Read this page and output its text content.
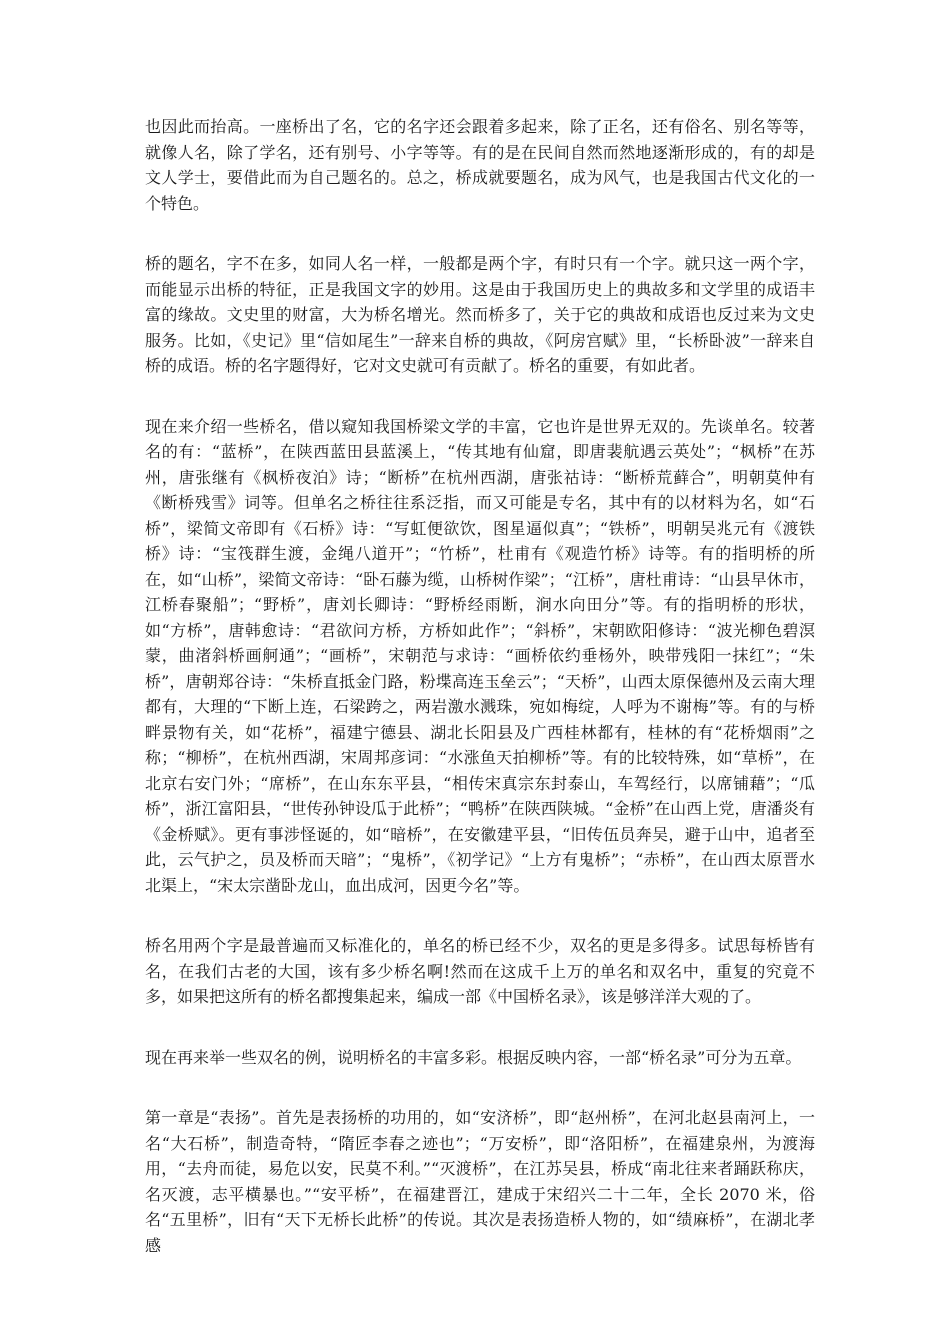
也因此而抬高。一座桥出了名，它的名字还会跟着多起来，除了正名，还有俗名、别名等等，就像人名，除了学名，还有别号、小字等等。有的是在民间自然而然地逐渐形成的，有的却是文人学士，要借此而为自己题名的。总之，桥成就要题名，成为风气，也是我国古代文化的一个特色。

桥的题名，字不在多，如同人名一样，一般都是两个字，有时只有一个字。就只这一两个字，而能显示出桥的特征，正是我国文字的妙用。这是由于我国历史上的典故多和文学里的成语丰富的缘故。文史里的财富，大为桥名增光。然而桥多了，关于它的典故和成语也反过来为文史服务。比如，《史记》里“信如尾生”一辞来自桥的典故，《阿房宫赋》里，“长桥卧波”一辞来自桥的成语。桥的名字题得好，它对文史就可有贡献了。桥名的重要，有如此者。

现在来介绍一些桥名，借以窥知我国桥梁文学的丰富，它也许是世界无双的。先谈单名。较著名的有：“蓝桥”，在陕西蓝田县蓝溪上，“传其地有仙窟，即唐裴航遇云英处”；“枫桥”在苏州，唐张继有《枫桥夜泊》诗；“断桥”在杭州西湖，唐张祜诗：“断桥荒藓合”，明朝莫仲有《断桥残雪》词等。但单名之桥往往系泛指，而又可能是专名，其中有的以材料为名，如“石桥”，梁简文帝即有《石桥》诗：“写虹便欲饮，图星逼似真”；“铁桥”，明朝吴兆元有《渡铁桥》诗：“宝筏群生渡，金绳八道开”；“竹桥”，杜甫有《观造竹桥》诗等。有的指明桥的所在，如“山桥”，梁简文帝诗：“卧石藤为缆，山桥树作梁”；“江桥”，唐杜甫诗：“山县早休市，江桥春聚船”；“野桥”，唐刘长卿诗：“野桥经雨断，涧水向田分”等。有的指明桥的形状，如“方桥”，唐韩愈诗：“君欲问方桥，方桥如此作”；“斜桥”，宋朝欧阳修诗：“波光柳色碧溟蒙，曲渚斜桥画舸通”；“画桥”，宋朝范与求诗：“画桥依约垂杨外，映带残阳一抹红”；“朱桥”，唐朝郑谷诗：“朱桥直抵金门路，粉堞高连玉垒云”；“天桥”，山西太原保德州及云南大理都有，大理的“下断上连，石梁跨之，两岩激水溅珠，宛如梅绽，人呼为不谢梅”等。有的与桥畔景物有关，如“花桥”，福建宁德县、湖北长阳县及广西桂林都有，桂林的有“花桥烟雨”之称；“柳桥”，在杭州西湖，宋周邦彦词：“水涨鱼天拍柳桥”等。有的比较特殊，如“草桥”，在北京右安门外；“席桥”，在山东东平县，“相传宋真宗东封泰山，车驾经行，以席铺藉”；“瓜桥”，浙江富阳县，“世传孙钟设瓜于此桥”；“鸭桥”在陕西陕城。“金桥”在山西上党，唐潘炎有《金桥赋》。更有事涉怪诞的，如“暗桥”，在安徽建平县，“旧传伍员奔吴，避于山中，追者至此，云气护之，员及桥而天暗”；“鬼桥”，《初学记》“上方有鬼桥”；“赤桥”，在山西太原晋水北渠上，“宋太宗凿卧龙山，血出成河，因更今名”等。

桥名用两个字是最普遍而又标准化的，单名的桥已经不少，双名的更是多得多。试思每桥皆有名，在我们古老的大国，该有多少桥名啊!然而在这成千上万的单名和双名中，重复的究竟不多，如果把这所有的桥名都搜集起来，编成一部《中国桥名录》，该是够洋洋大观的了。

现在再来举一些双名的例，说明桥名的丰富多彩。根据反映内容，一部“桥名录”可分为五章。

第一章是“表扬”。首先是表扬桥的功用的，如“安济桥”，即“赵州桥”，在河北赵县南河上，一名“大石桥”，制造奇特，“隋匠李春之迹也”；“万安桥”，即“洛阳桥”，在福建泉州，为渡海用，“去舟而徒，易危以安，民莫不利。”“灭渡桥”，在江苏吴县，桥成“南北往来者踊跃称庆，名灭渡，志平横暴也。”“安平桥”，在福建晋江，建成于宋绍兴二十二年，全长 2070 米，俗名“五里桥”，旧有“天下无桥长此桥”的传说。其次是表扬造桥人物的，如“绩麻桥”，在湖北孝感
